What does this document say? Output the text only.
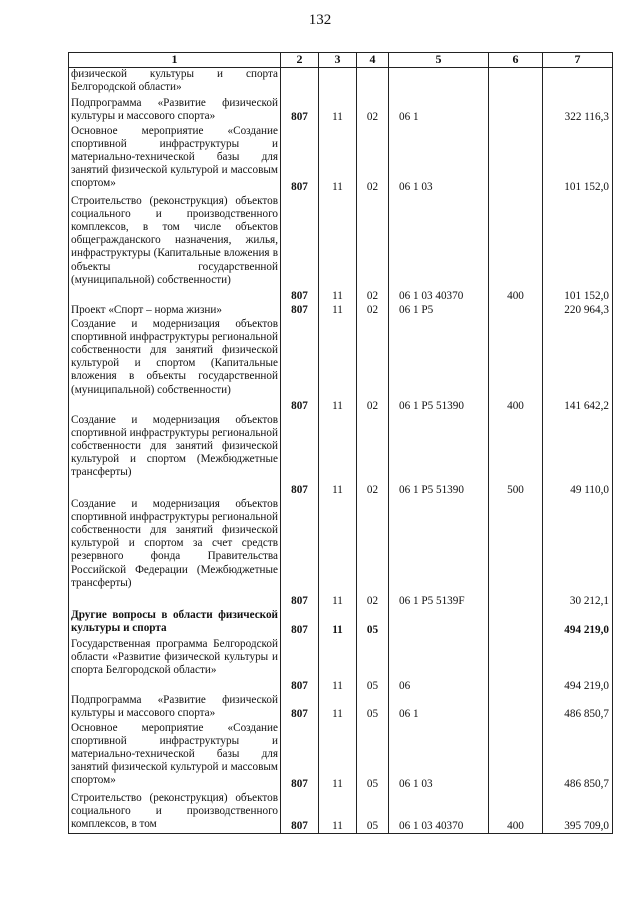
132
1	2	3	4	5	6	7
физической культуры и спорта Белгородской области»						
Подпрограмма «Развитие физической культуры и массового спорта»	807	11	02	06 1		322 116,3
Основное мероприятие «Создание спортивной инфраструктуры и материально-технической базы для занятий физической культурой и массовым спортом»	807	11	02	06 1 03		101 152,0
Строительство (реконструкция) объектов социального и производственного комплексов, в том числе объектов общегражданского назначения, жилья, инфраструктуры (Капитальные вложения в объекты государственной (муниципальной) собственности)	807	11	02	06 1 03 40370	400	101 152,0
Проект «Спорт – норма жизни»	807	11	02	06 1 P5		220 964,3
Создание и модернизация объектов спортивной инфраструктуры региональной собственности для занятий физической культурой и спортом (Капитальные вложения в объекты государственной (муниципальной) собственности)	807	11	02	06 1 P5 51390	400	141 642,2
Создание и модернизация объектов спортивной инфраструктуры региональной собственности для занятий физической культурой и спортом (Межбюджетные трансферты)	807	11	02	06 1 P5 51390	500	49 110,0
Создание и модернизация объектов спортивной инфраструктуры региональной собственности для занятий физической культурой и спортом за счет средств резервного фонда Правительства Российской Федерации (Межбюджетные трансферты)	807	11	02	06 1 P5 5139F		30 212,1
Другие вопросы в области физической культуры и спорта	807	11	05			494 219,0
Государственная программа Белгородской области «Развитие физической культуры и спорта Белгородской области»	807	11	05	06		494 219,0
Подпрограмма «Развитие физической культуры и массового спорта»	807	11	05	06 1		486 850,7
Основное мероприятие «Создание спортивной инфраструктуры и материально-технической базы для занятий физической культурой и массовым спортом»	807	11	05	06 1 03		486 850,7
Строительство (реконструкция) объектов социального и производственного комплексов, в том	807	11	05	06 1 03 40370	400	395 709,0
